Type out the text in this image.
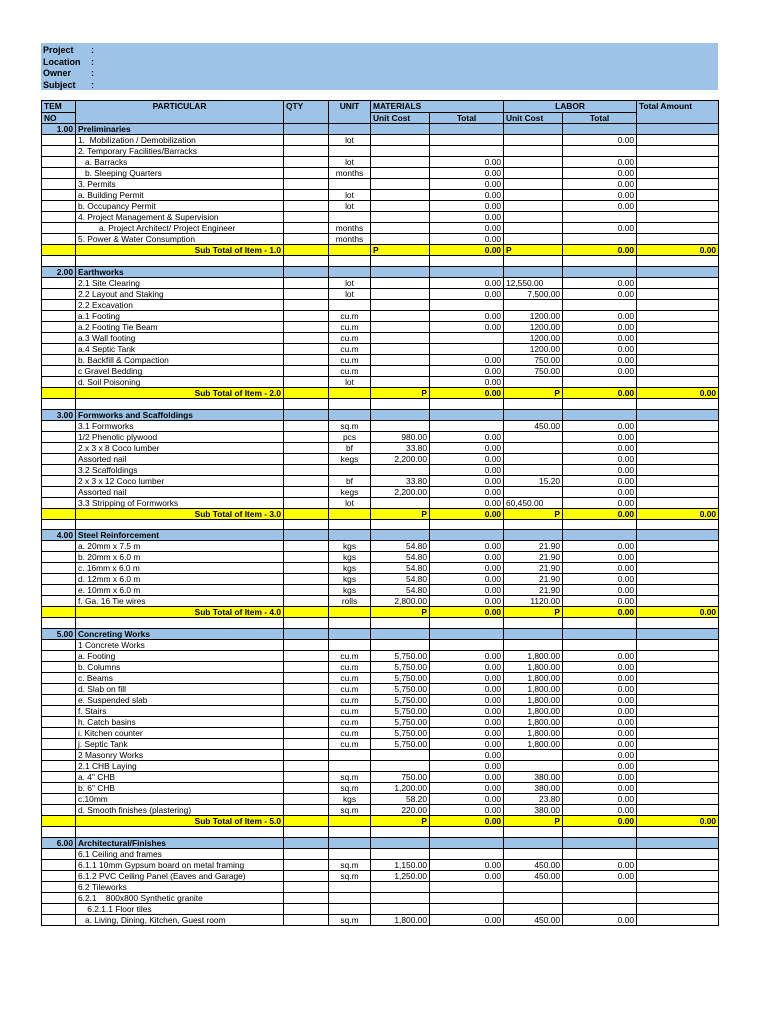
Project :
Location :
Owner :
Subject :
TEM	PARTICULAR	QTY	UNIT	MATERIALS		LABOR		Total Amount
NO				Unit Cost	Total	Unit Cost	Total	
1.00	Preliminaries							
	1.  Mobilization / Demobilization		lot				0.00	
	2. Temporary Facilities/Barracks							
	a. Barracks		lot		0.00		0.00	
	b. Sleeping Quarters		months		0.00		0.00	
	3. Permits				0.00		0.00	
	a. Building Permit		lot		0.00		0.00	
	b. Occupancy Permit		lot		0.00		0.00	
	4. Project Management & Supervision				0.00			
	a. Project Architect/ Project Engineer		months		0.00		0.00	
	5. Power & Water Consumption		months		0.00			
	Sub Total of Item - 1.0			P	0.00	P	0.00	0.00

2.00	Earthworks							
	2.1 Site Clearing		lot		0.00	12,550.00	0.00	
	2.2 Layout and Staking		lot		0.00	7,500.00	0.00	
	2.2 Excavation							
	a.1 Footing		cu.m		0.00	1200.00	0.00	
	a.2 Footing Tie Beam		cu.m		0.00	1200.00	0.00	
	a.3 Wall footing		cu.m			1200.00	0.00	
	a.4 Septic Tank		cu.m			1200.00	0.00	
	b. Backfill & Compaction		cu.m		0.00	750.00	0.00	
	c Gravel Bedding		cu.m		0.00	750.00	0.00	
	d. Soil Poisoning		lot		0.00			
	Sub Total of Item - 2.0			P	0.00	P	0.00	0.00

3.00	Formworks and Scaffoldings							
	3.1 Formworks		sq.m			450.00	0.00	
	1/2 Phenolic plywood		pcs	980.00	0.00		0.00	
	2 x 3 x 8 Coco lumber		bf	33.80	0.00		0.00	
	Assorted nail		kegs	2,200.00	0.00		0.00	
	3.2 Scaffoldings				0.00		0.00	
	2 x 3 x 12 Coco lumber		bf	33.80	0.00	15.20	0.00	
	Assorted nail		kegs	2,200.00	0.00		0.00	
	3.3 Stripping of Formworks		lot		0.00	60,450.00	0.00	
	Sub Total of Item - 3.0			P	0.00	P	0.00	0.00

4.00	Steel Reinforcement							
	a. 20mm x 7.5 m		kgs	54.80	0.00	21.90	0.00	
	b. 20mm x 6.0 m		kgs	54.80	0.00	21.90	0.00	
	c. 16mm x 6.0 m		kgs	54.80	0.00	21.90	0.00	
	d. 12mm x 6.0 m		kgs	54.80	0.00	21.90	0.00	
	e. 10mm x 6.0 m		kgs	54.80	0.00	21.90	0.00	
	f. Ga. 16 Tie wires		rolls	2,800.00	0.00	1120.00	0.00	
	Sub Total of Item - 4.0			P	0.00	P	0.00	0.00

5.00	Concreting Works							
	1 Concrete Works							
	a. Footing		cu.m	5,750.00	0.00	1,800.00	0.00	
	b. Columns		cu.m	5,750.00	0.00	1,800.00	0.00	
	c. Beams		cu.m	5,750.00	0.00	1,800.00	0.00	
	d. Slab on fill		cu.m	5,750.00	0.00	1,800.00	0.00	
	e. Suspended slab		cu.m	5,750.00	0.00	1,800.00	0.00	
	f. Stairs		cu.m	5,750.00	0.00	1,800.00	0.00	
	h. Catch basins		cu.m	5,750.00	0.00	1,800.00	0.00	
	i. Kitchen counter		cu.m	5,750.00	0.00	1,800.00	0.00	
	j. Septic Tank		cu.m	5,750.00	0.00	1,800.00	0.00	
	2 Masonry Works				0.00		0.00	
	2.1 CHB Laying				0.00		0.00	
	a. 4" CHB		sq.m	750.00	0.00	380.00	0.00	
	b. 6" CHB		sq.m	1,200.00	0.00	380.00	0.00	
	c.10mm		kgs	58.20	0.00	23.80	0.00	
	d. Smooth finishes (plastering)		sq.m	220.00	0.00	380.00	0.00	
	Sub Total of Item - 5.0			P	0.00	P	0.00	0.00

6.00	Architectural/Finishes							
	6.1 Ceiling and frames							
	6.1.1 10mm Gypsum board on metal framing		sq.m	1,150.00	0.00	450.00	0.00	
	6.1.2 PVC Ceiling Panel (Eaves and Garage)		sq.m	1,250.00	0.00	450.00	0.00	
	6.2 Tileworks							
	6.2.1    800x800 Synthetic granite							
	6.2.1.1 Floor tiles							
	a. Living, Dining, Kitchen, Guest room		sq.m	1,800.00	0.00	450.00	0.00	
